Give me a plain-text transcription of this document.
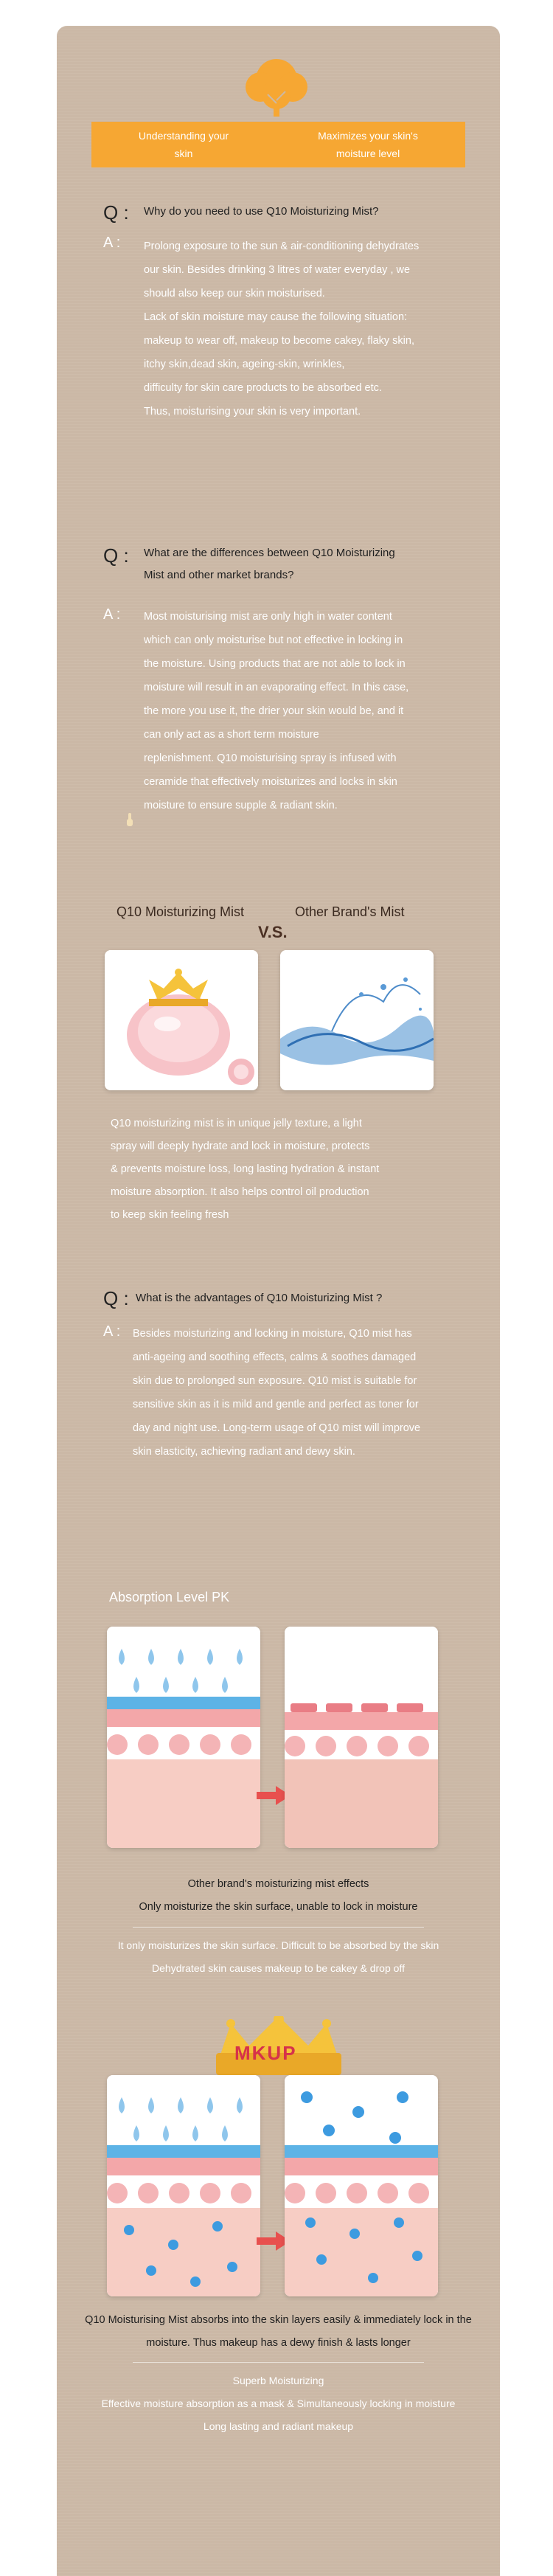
Understanding your skin
Maximizes your skin's moisture level
Q : Why do you need to use Q10 Moisturizing Mist?
A : Prolong exposure to the sun & air-conditioning dehydrates
our skin. Besides drinking 3 litres of water everyday , we
should also keep our skin moisturised.
Lack of skin moisture may cause the following situation:
makeup to wear off, makeup to become cakey, flaky skin,
itchy skin,dead skin, ageing-skin, wrinkles,
difficulty for skin care products to be absorbed etc.
Thus, moisturising your skin is very important.
Q : What are the differences between Q10 Moisturizing
Mist and other market brands?
A : Most moisturising mist are only high in water content
which can only moisturise but not effective in locking in
the moisture. Using products that are not able to lock in
moisture will result in an evaporating effect. In this case,
the more you use it, the drier your skin would be, and it
can only act as a short term moisture
replenishment. Q10 moisturising spray is infused with
ceramide that effectively moisturizes and locks in skin
moisture to ensure supple & radiant skin.
Q10 Moisturizing Mist	Other Brand's Mist
V.S.
Q10 moisturizing mist is in unique jelly texture, a light
spray will deeply hydrate and lock in moisture, protects
& prevents moisture loss, long lasting hydration & instant
moisture absorption. It also helps control oil production
to keep skin feeling fresh
Q : What is the advantages of Q10 Moisturizing Mist ?
A : Besides moisturizing and locking in moisture, Q10 mist has
anti-ageing and soothing effects, calms & soothes damaged
skin due to prolonged sun exposure. Q10 mist is suitable for
sensitive skin as it is mild and gentle and perfect as toner for
day and night use. Long-term usage of Q10 mist will improve
skin elasticity, achieving radiant and dewy skin.
Absorption Level PK
Other brand's moisturizing mist effects
Only moisturize the skin surface, unable to lock in moisture
It only moisturizes the skin surface. Difficult to be absorbed by the skin
Dehydrated skin causes makeup to be cakey & drop off
MKUP
Q10 Moisturising Mist absorbs into the skin layers easily & immediately lock in the
moisture. Thus makeup has a dewy finish & lasts longer
Superb Moisturizing
Effective moisture absorption as a mask & Simultaneously locking in moisture
Long lasting and radiant makeup
